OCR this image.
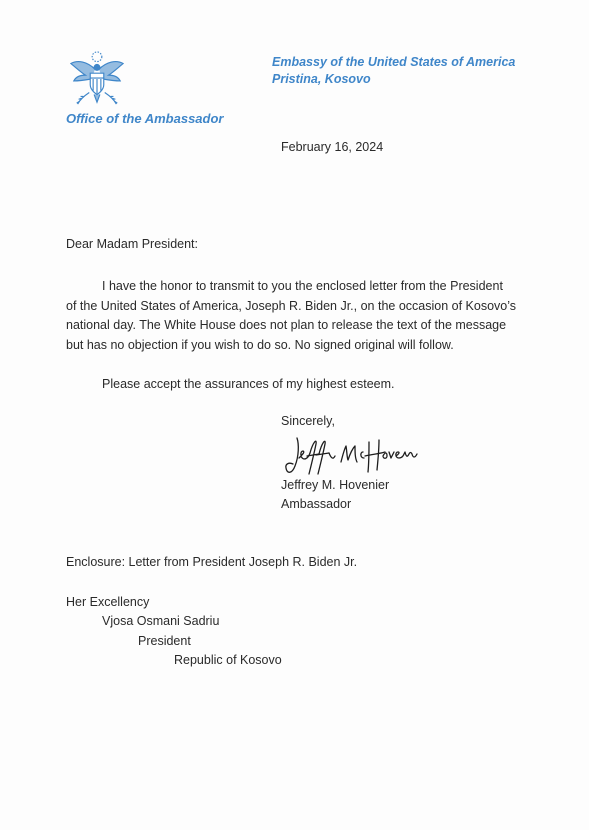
Office of the Ambassador
Embassy of the United States of America
Pristina, Kosovo
February 16, 2024
Dear Madam President:
I have the honor to transmit to you the enclosed letter from the President
of the United States of America, Joseph R. Biden Jr., on the occasion of Kosovo’s
national day. The White House does not plan to release the text of the message
but has no objection if you wish to do so. No signed original will follow.
Please accept the assurances of my highest esteem.
Sincerely,
Jeffrey M. Hovenier
Ambassador
Enclosure: Letter from President Joseph R. Biden Jr.
Her Excellency
Vjosa Osmani Sadriu
President
Republic of Kosovo
